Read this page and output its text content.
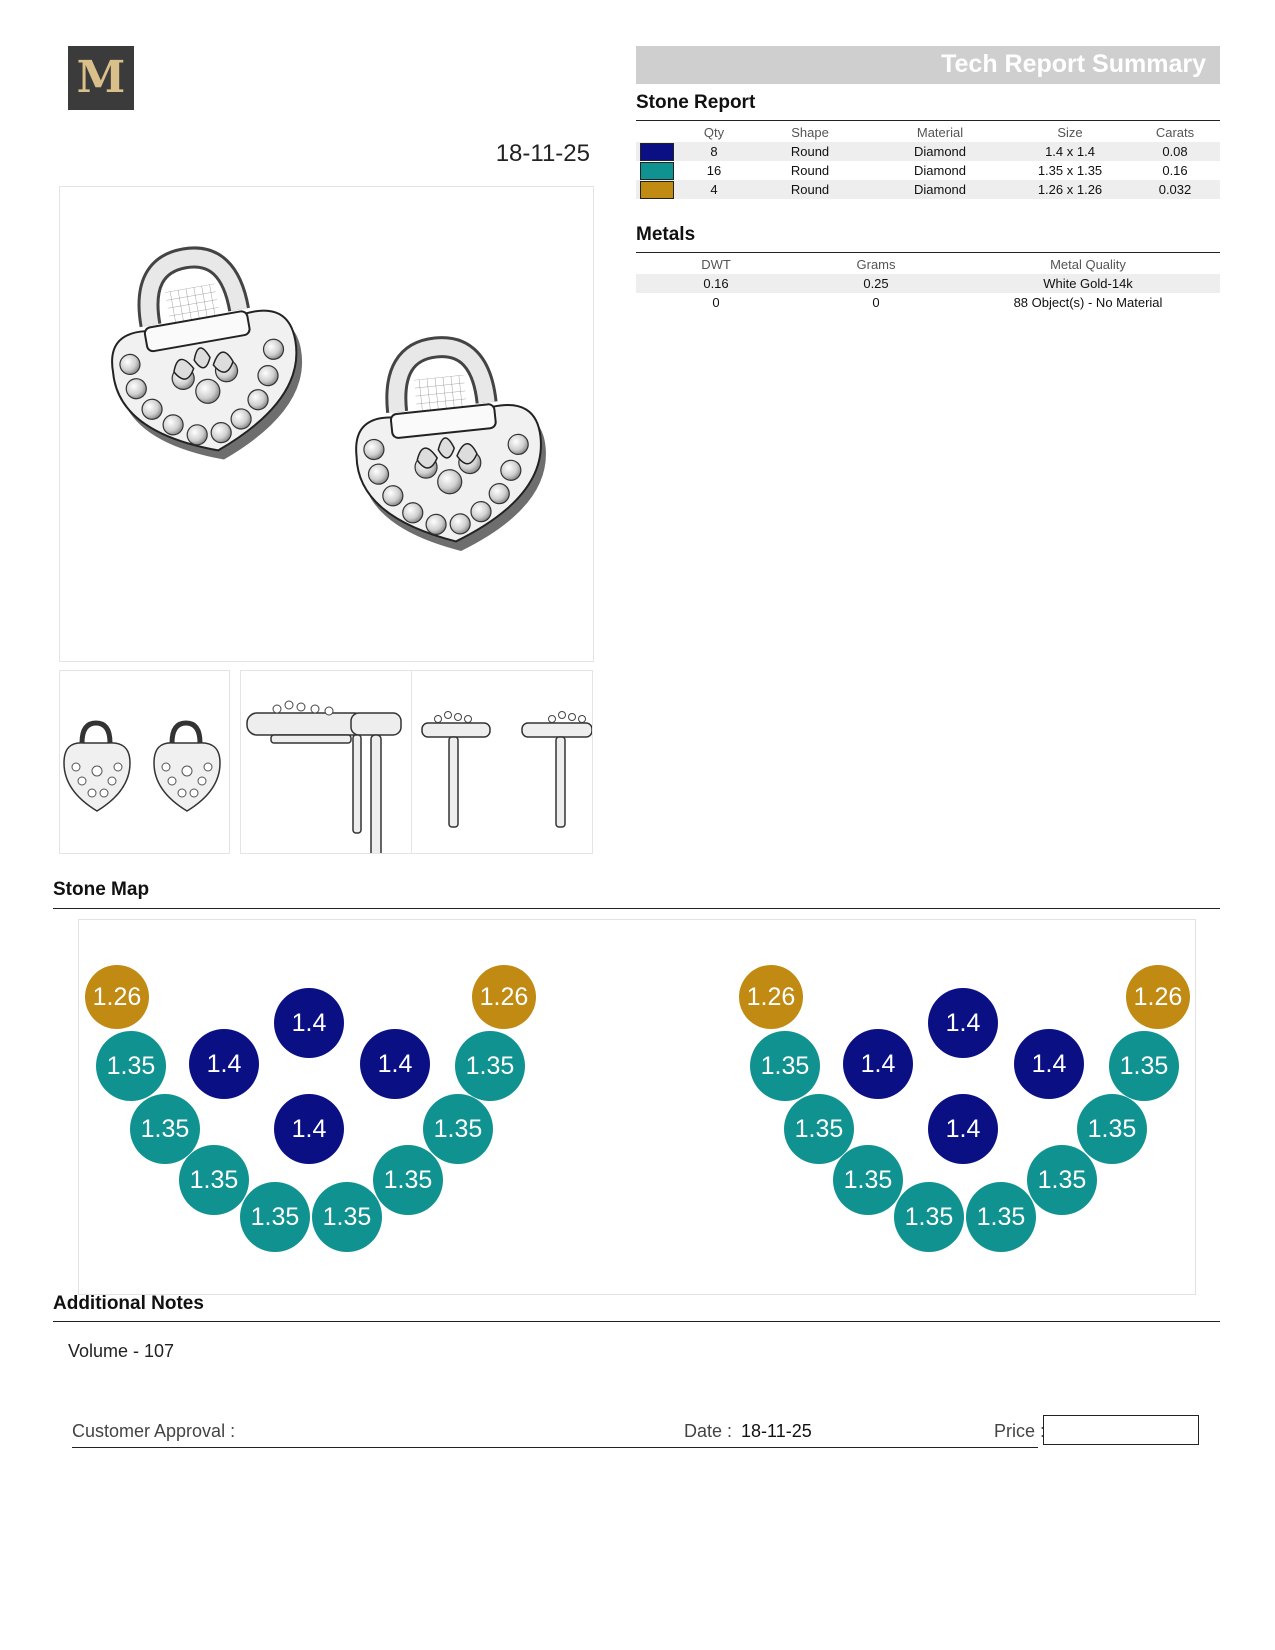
M
18-11-25
Tech Report Summary
Stone Report
	Qty	Shape	Material	Size	Carats
	8	Round	Diamond	1.4 x 1.4	0.08
	16	Round	Diamond	1.35 x 1.35	0.16
	4	Round	Diamond	1.26 x 1.26	0.032
Metals
DWT	Grams	Metal Quality
0.16	0.25	White Gold-14k
0	0	88 Object(s) - No Material
Stone Map
1.26
1.35	1.4
1.4
1.4
1.26
1.35
1.35	1.4	1.35
1.35	1.35
1.35 1.35
1.26
1.35	1.4
1.4
1.4
1.26
1.35
1.35	1.4	1.35
1.35	1.35
1.35 1.35
Additional Notes
Volume - 107
Customer Approval :	Date : 18-11-25	Price :
